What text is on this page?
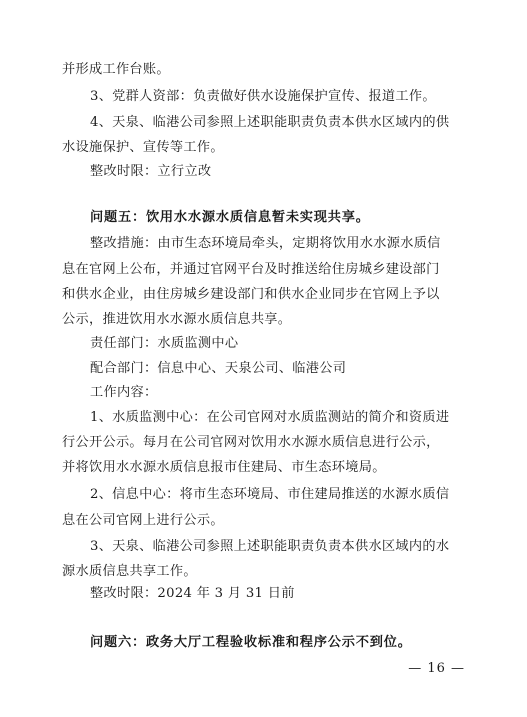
并形成工作台账。
3、党群人资部：负责做好供水设施保护宣传、报道工作。
4、天泉、临港公司参照上述职能职责负责本供水区域内的供
水设施保护、宣传等工作。
整改时限：立行立改
问题五：饮用水水源水质信息暂未实现共享。
整改措施：由市生态环境局牵头，定期将饮用水水源水质信
息在官网上公布，并通过官网平台及时推送给住房城乡建设部门
和供水企业，由住房城乡建设部门和供水企业同步在官网上予以
公示，推进饮用水水源水质信息共享。
责任部门：水质监测中心
配合部门：信息中心、天泉公司、临港公司
工作内容：
1、水质监测中心：在公司官网对水质监测站的简介和资质进
行公开公示。每月在公司官网对饮用水水源水质信息进行公示，
并将饮用水水源水质信息报市住建局、市生态环境局。
2、信息中心：将市生态环境局、市住建局推送的水源水质信
息在公司官网上进行公示。
3、天泉、临港公司参照上述职能职责负责本供水区域内的水
源水质信息共享工作。
整改时限：2024 年 3 月 31 日前
问题六：政务大厅工程验收标准和程序公示不到位。
— 16 —
